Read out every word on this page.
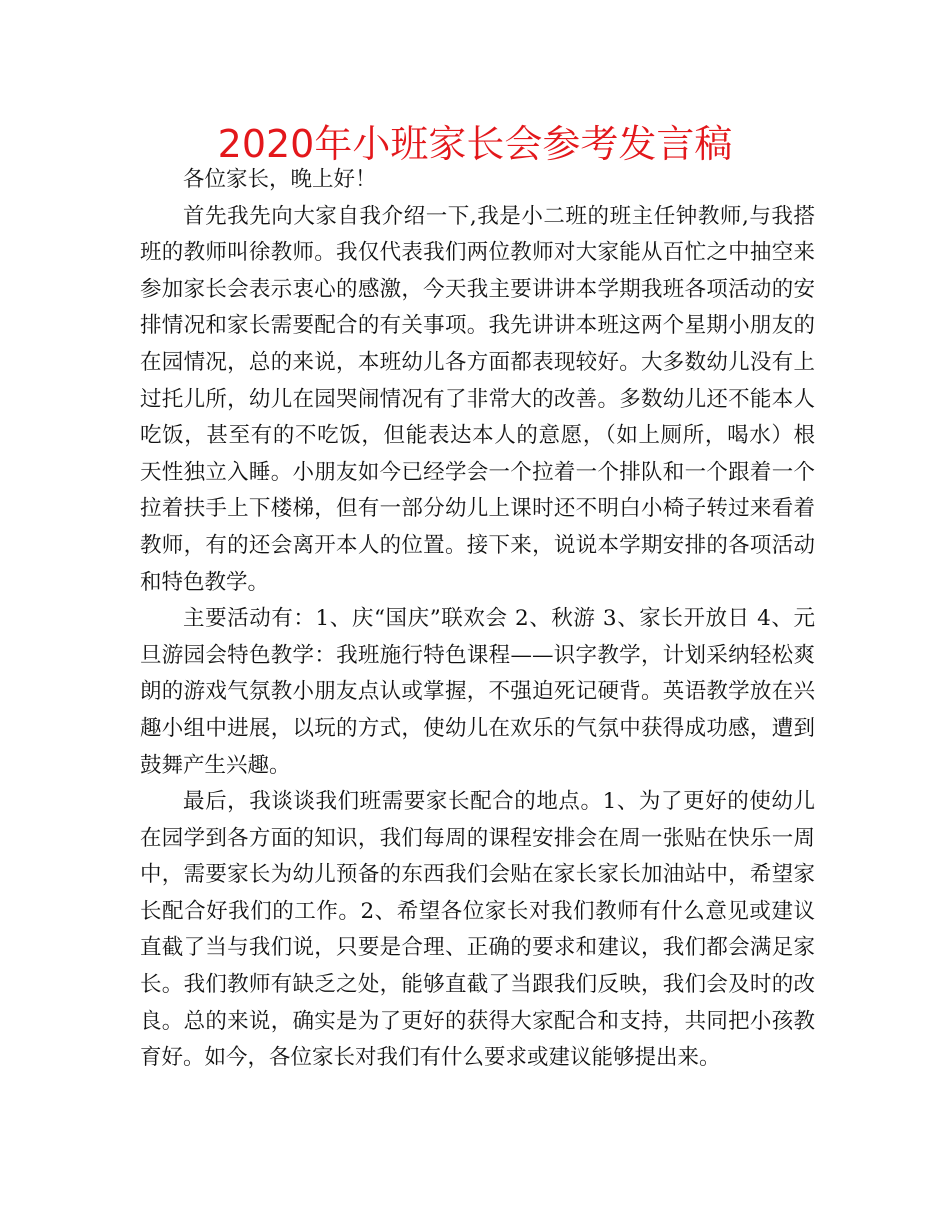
2020年小班家长会参考发言稿

各位家长，晚上好！

首先我先向大家自我介绍一下,我是小二班的班主任钟教师,与我搭班的教师叫徐教师。我仅代表我们两位教师对大家能从百忙之中抽空来参加家长会表示衷心的感激，今天我主要讲讲本学期我班各项活动的安排情况和家长需要配合的有关事项。我先讲讲本班这两个星期小朋友的在园情况，总的来说，本班幼儿各方面都表现较好。大多数幼儿没有上过托儿所，幼儿在园哭闹情况有了非常大的改善。多数幼儿还不能本人吃饭，甚至有的不吃饭，但能表达本人的意愿，（如上厕所，喝水）根天性独立入睡。小朋友如今已经学会一个拉着一个排队和一个跟着一个拉着扶手上下楼梯，但有一部分幼儿上课时还不明白小椅子转过来看着教师，有的还会离开本人的位置。接下来，说说本学期安排的各项活动和特色教学。

主要活动有：1、庆“国庆”联欢会 2、秋游 3、家长开放日 4、元旦游园会特色教学：我班施行特色课程——识字教学，计划采纳轻松爽朗的游戏气氛教小朋友点认或掌握，不强迫死记硬背。英语教学放在兴趣小组中进展，以玩的方式，使幼儿在欢乐的气氛中获得成功感，遭到鼓舞产生兴趣。

最后，我谈谈我们班需要家长配合的地点。1、为了更好的使幼儿在园学到各方面的知识，我们每周的课程安排会在周一张贴在快乐一周中，需要家长为幼儿预备的东西我们会贴在家长家长加油站中，希望家长配合好我们的工作。2、希望各位家长对我们教师有什么意见或建议直截了当与我们说，只要是合理、正确的要求和建议，我们都会满足家长。我们教师有缺乏之处，能够直截了当跟我们反映，我们会及时的改良。总的来说，确实是为了更好的获得大家配合和支持，共同把小孩教育好。如今，各位家长对我们有什么要求或建议能够提出来。
